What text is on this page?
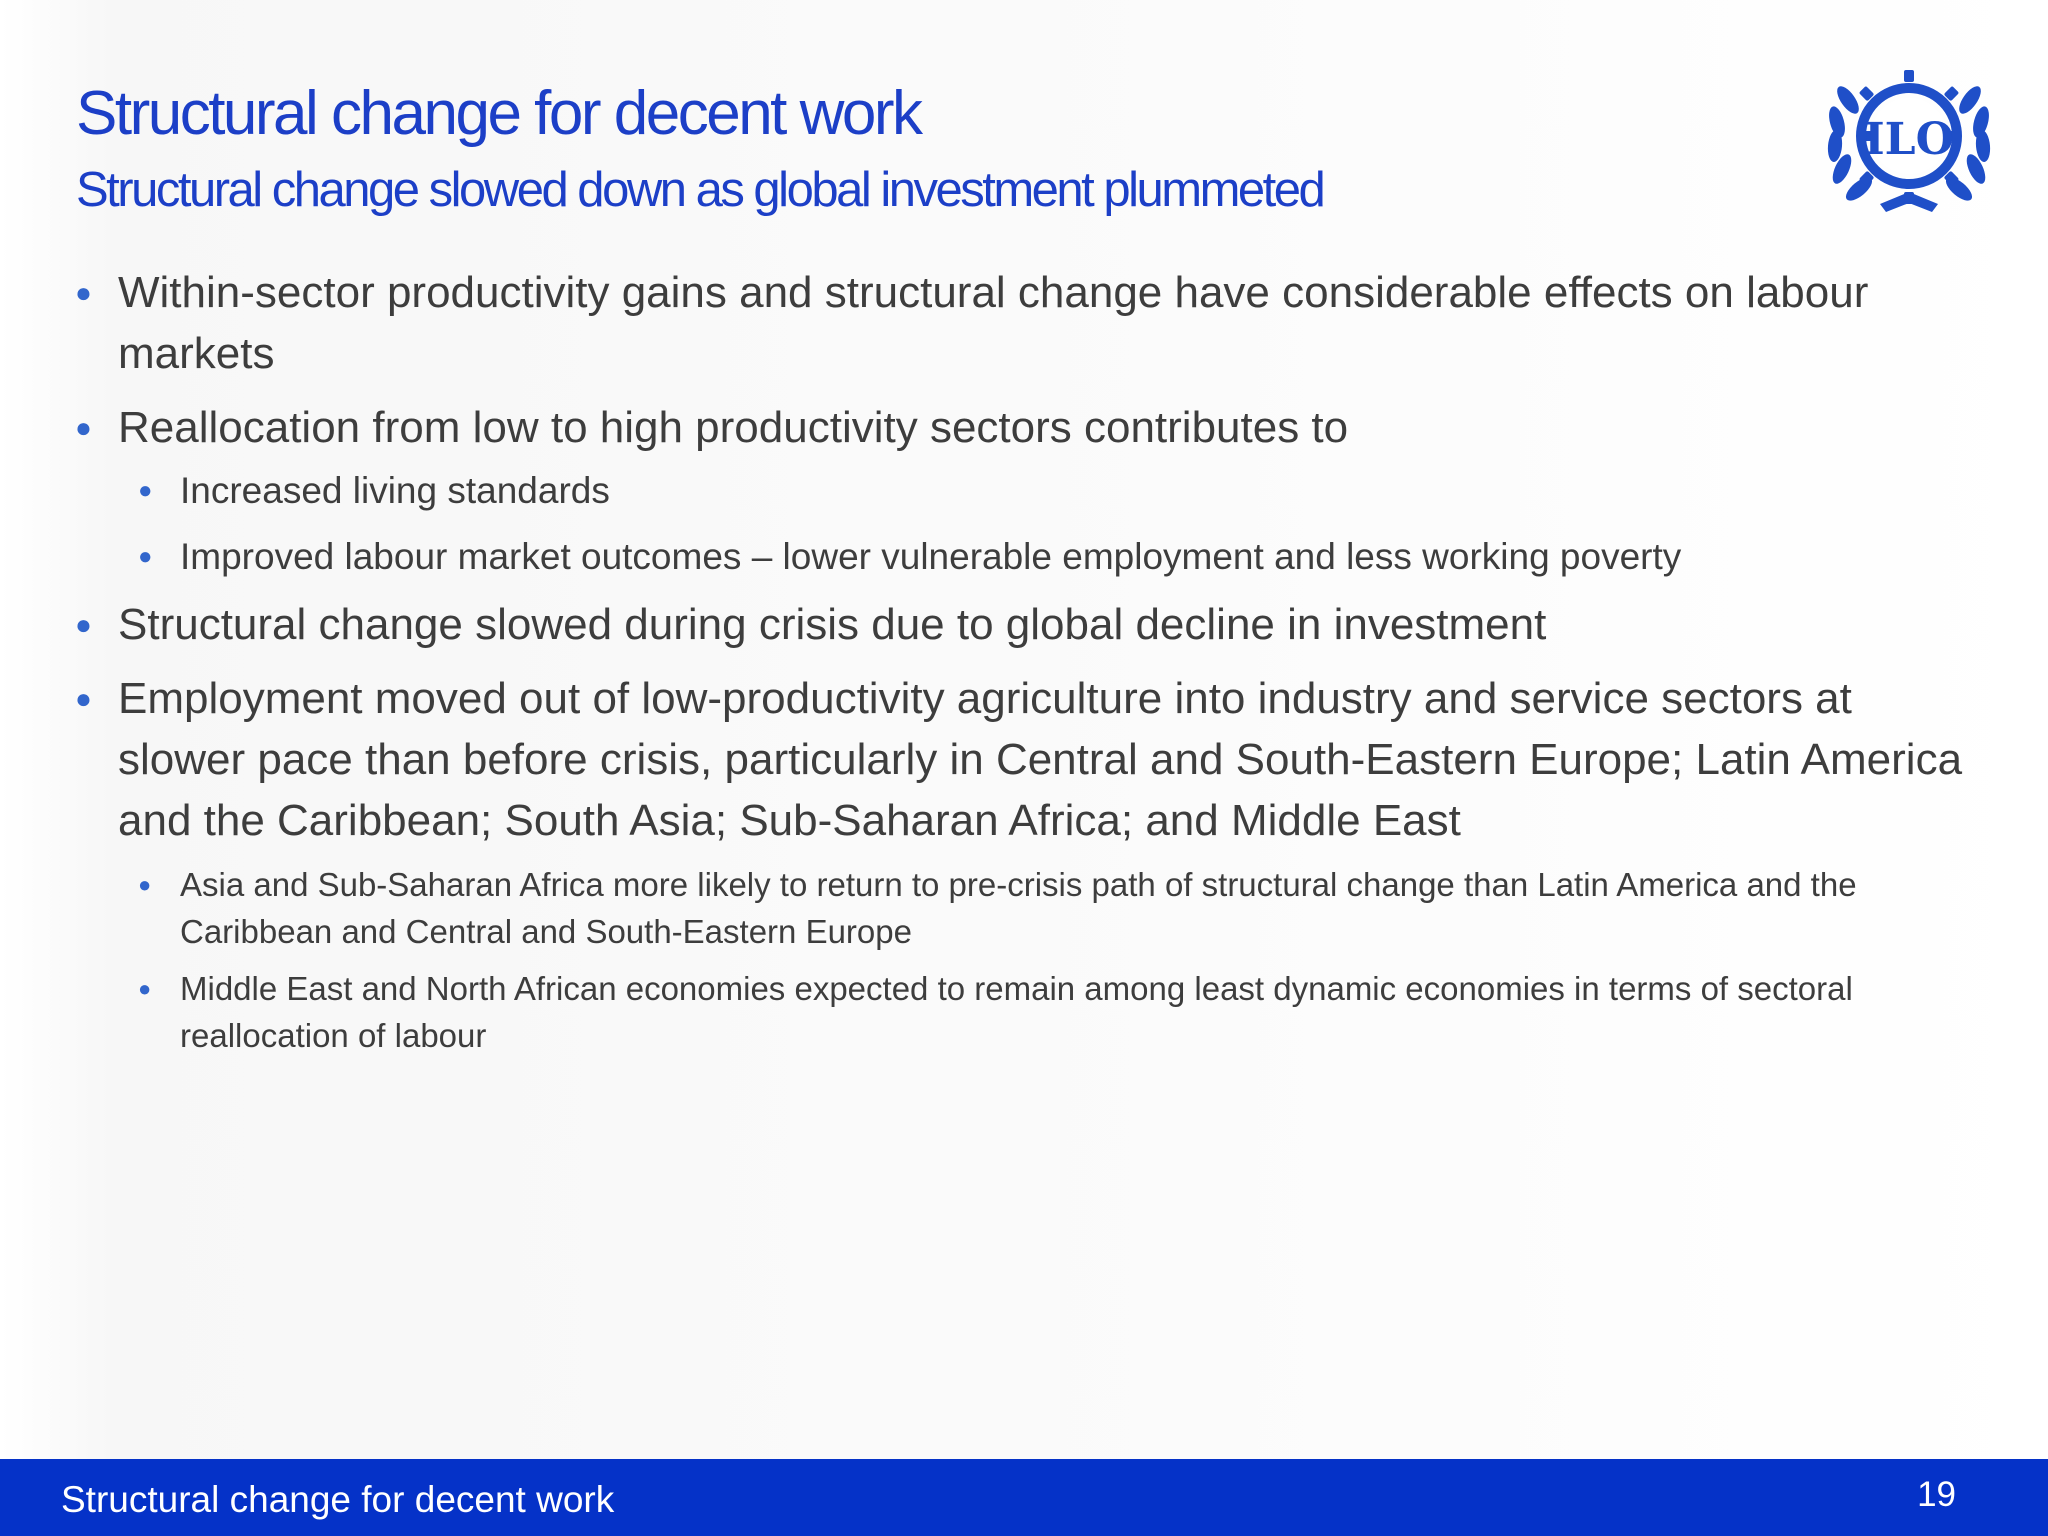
Structural change for decent work
Structural change slowed down as global investment plummeted
ILO
● Within-sector productivity gains and structural change have considerable effects on labour markets
● Reallocation from low to high productivity sectors contributes to
● Increased living standards
● Improved labour market outcomes – lower vulnerable employment and less working poverty
● Structural change slowed during crisis due to global decline in investment
● Employment moved out of low-productivity agriculture into industry and service sectors at slower pace than before crisis, particularly in Central and South-Eastern Europe; Latin America and the Caribbean; South Asia; Sub-Saharan Africa; and Middle East
● Asia and Sub-Saharan Africa more likely to return to pre-crisis path of structural change than Latin America and the Caribbean and Central and South-Eastern Europe
● Middle East and North African economies expected to remain among least dynamic economies in terms of sectoral reallocation of labour
Structural change for decent work	19
